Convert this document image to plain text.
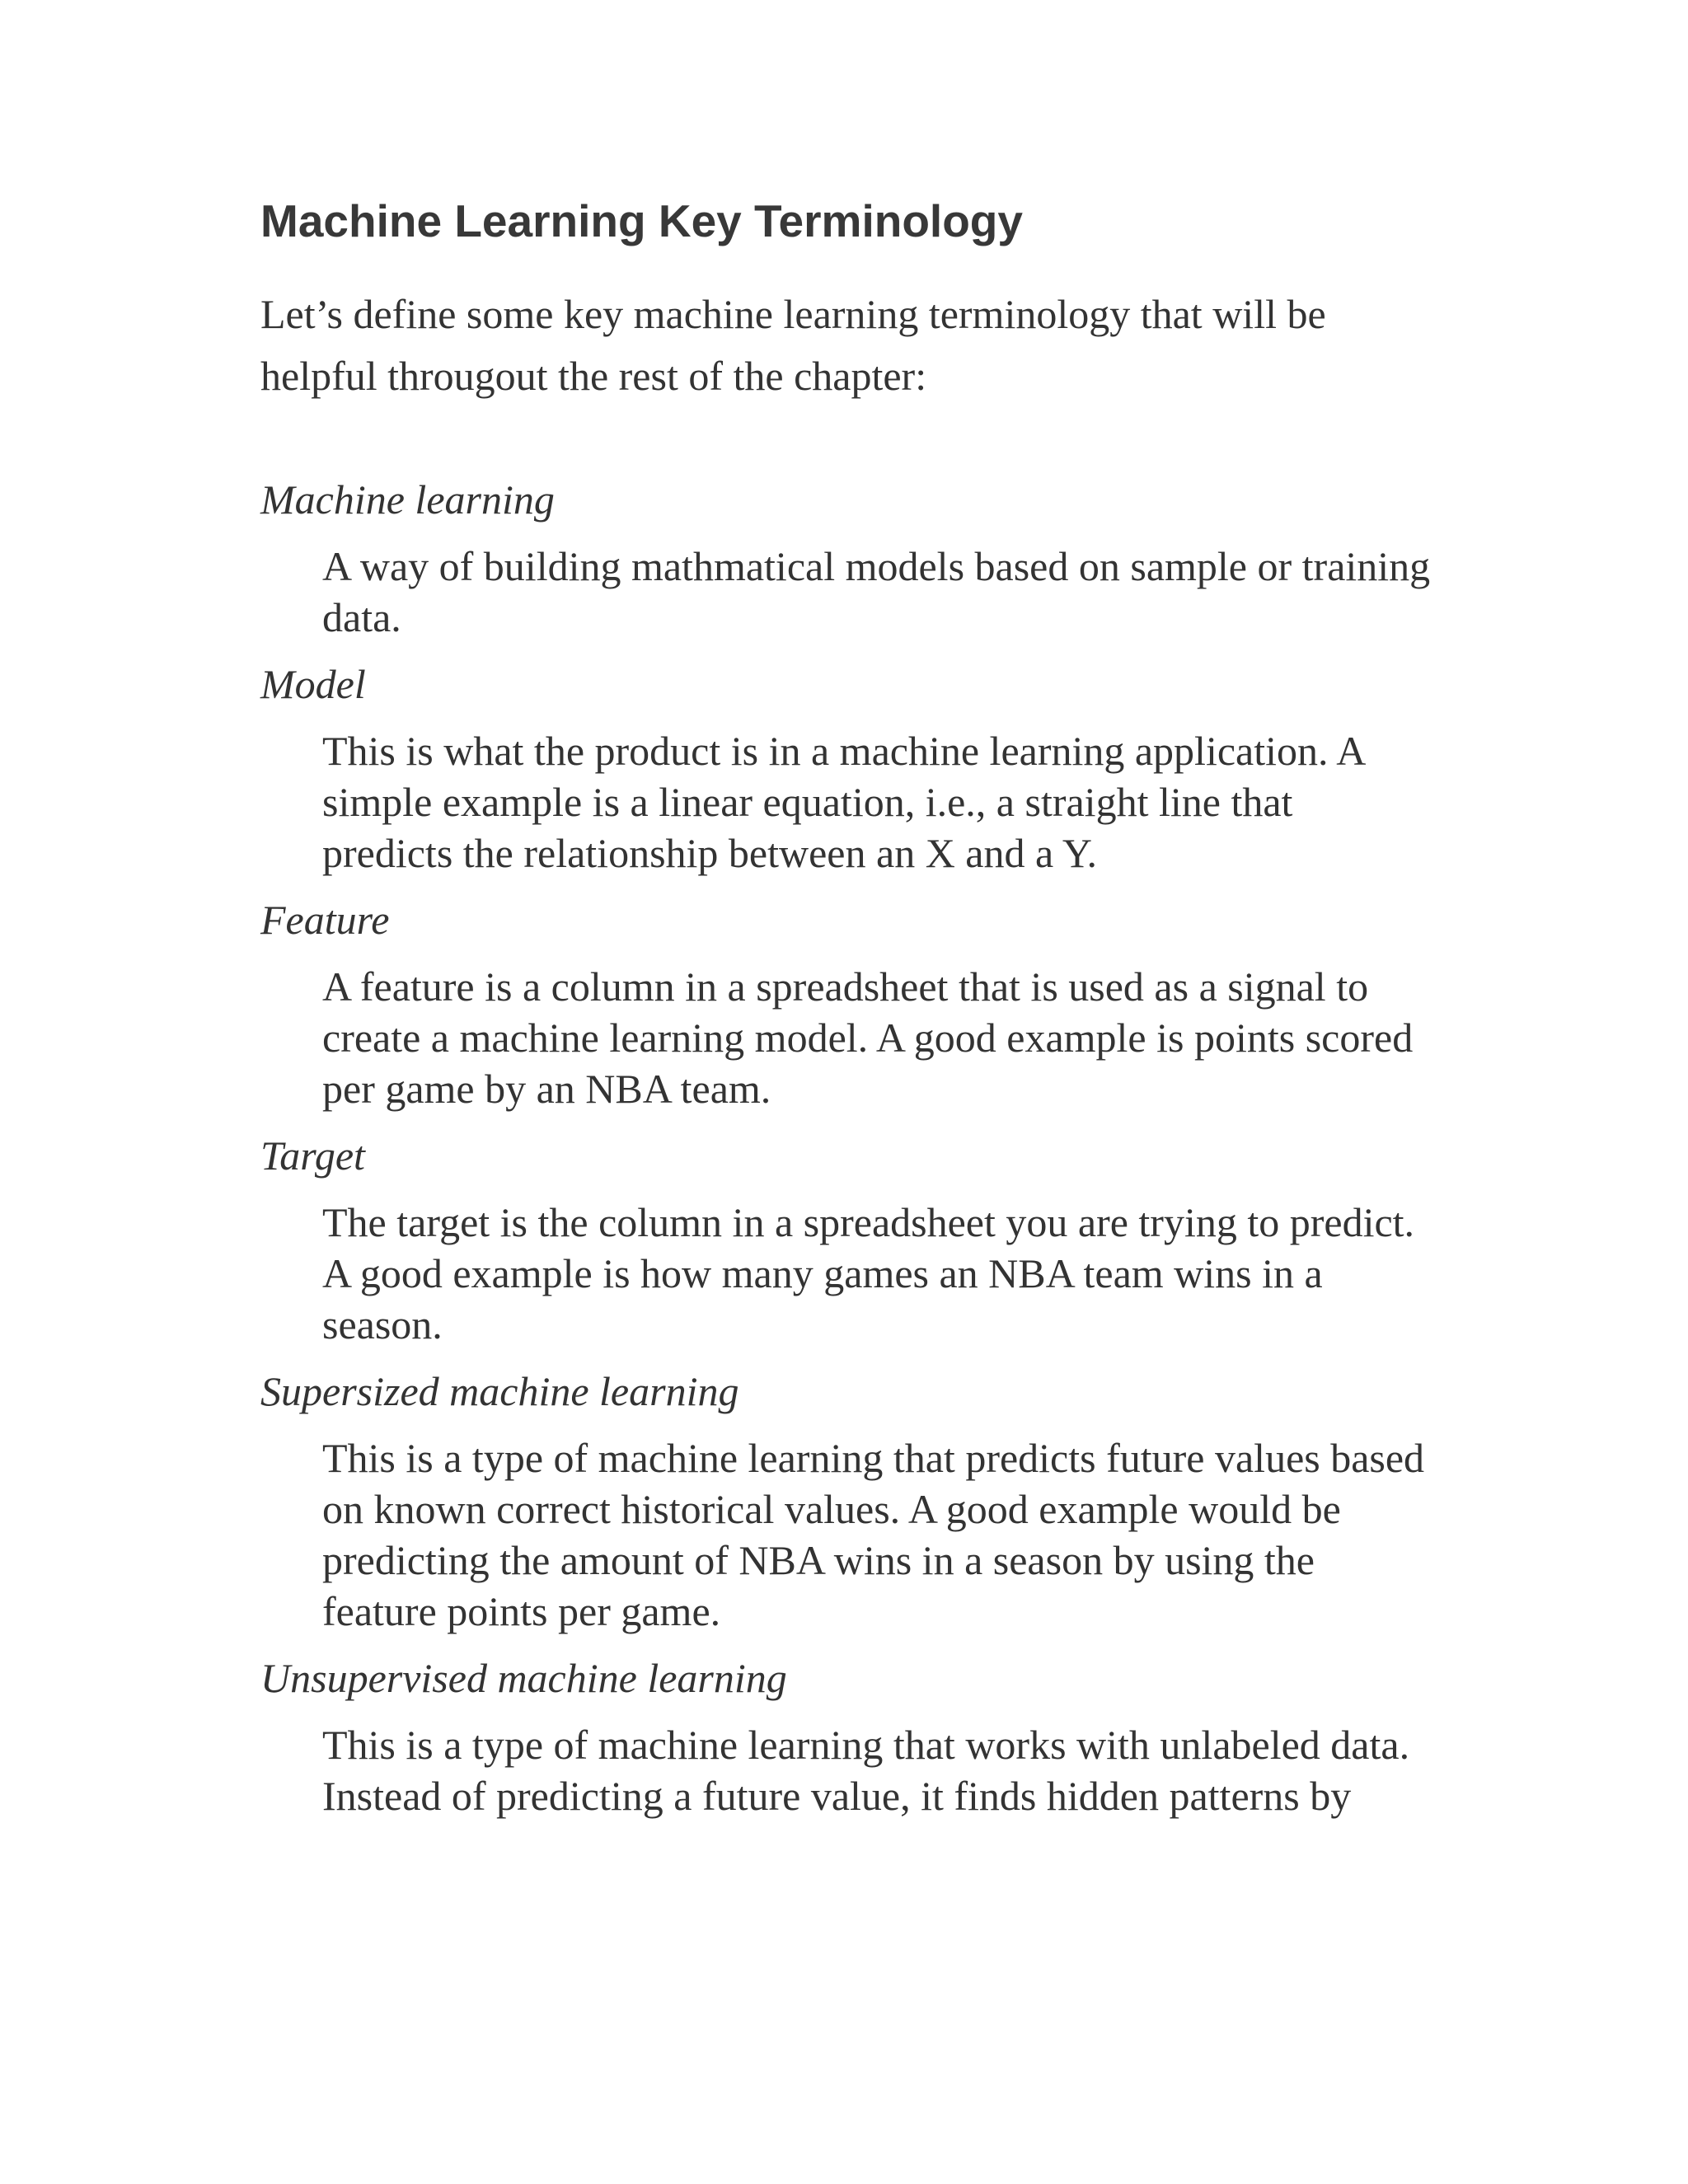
Machine Learning Key Terminology

Let’s define some key machine learning terminology that will be helpful througout the rest of the chapter:

Machine learning
A way of building mathmatical models based on sample or training data.
Model
This is what the product is in a machine learning application. A simple example is a linear equation, i.e., a straight line that predicts the relationship between an X and a Y.
Feature
A feature is a column in a spreadsheet that is used as a signal to create a machine learning model. A good example is points scored per game by an NBA team.
Target
The target is the column in a spreadsheet you are trying to predict. A good example is how many games an NBA team wins in a season.
Supersized machine learning
This is a type of machine learning that predicts future values based on known correct historical values. A good example would be predicting the amount of NBA wins in a season by using the feature points per game.
Unsupervised machine learning
This is a type of machine learning that works with unlabeled data. Instead of predicting a future value, it finds hidden patterns by
